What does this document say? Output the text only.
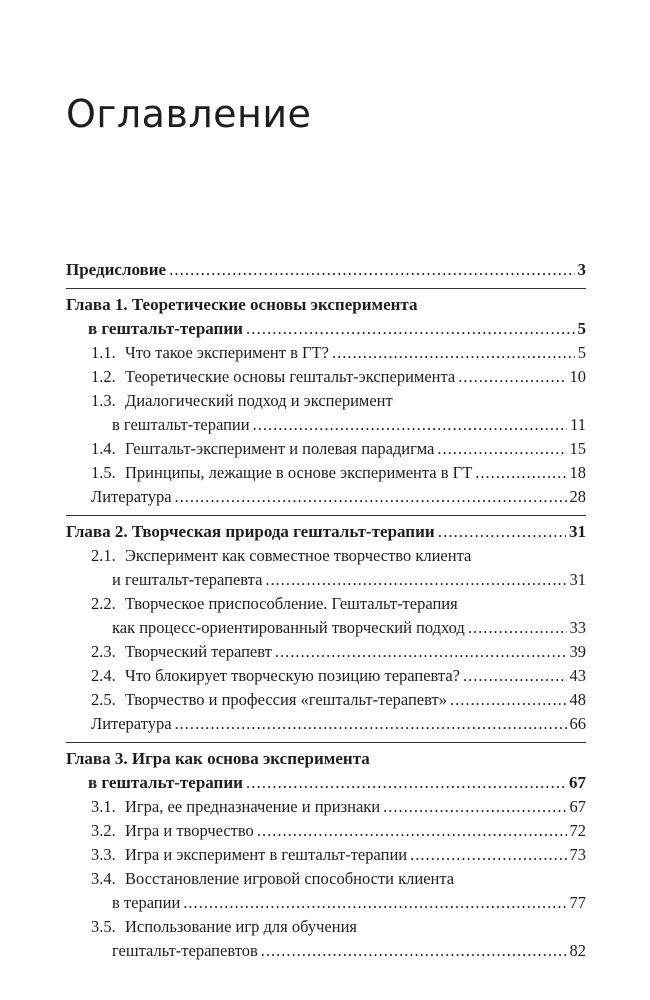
Оглавление
Предисловие .....	3
Глава 1. Теоретические основы эксперимента
в гештальт-терапии .....	5
1.1. Что такое эксперимент в ГТ? .....	5
1.2. Теоретические основы гештальт-эксперимента .....	10
1.3. Диалогический подход и эксперимент
в гештальт-терапии .....	11
1.4. Гештальт-эксперимент и полевая парадигма .....	15
1.5. Принципы, лежащие в основе эксперимента в ГТ .....	18
Литература .....	28
Глава 2. Творческая природа гештальт-терапии .....	31
2.1. Эксперимент как совместное творчество клиента
и гештальт-терапевта .....	31
2.2. Творческое приспособление. Гештальт-терапия
как процесс-ориентированный творческий подход .....	33
2.3. Творческий терапевт .....	39
2.4. Что блокирует творческую позицию терапевта? .....	43
2.5. Творчество и профессия «гештальт-терапевт» .....	48
Литература .....	66
Глава 3. Игра как основа эксперимента
в гештальт-терапии .....	67
3.1. Игра, ее предназначение и признаки .....	67
3.2. Игра и творчество .....	72
3.3. Игра и эксперимент в гештальт-терапии .....	73
3.4. Восстановление игровой способности клиента
в терапии .....	77
3.5. Использование игр для обучения
гештальт-терапевтов .....	82
